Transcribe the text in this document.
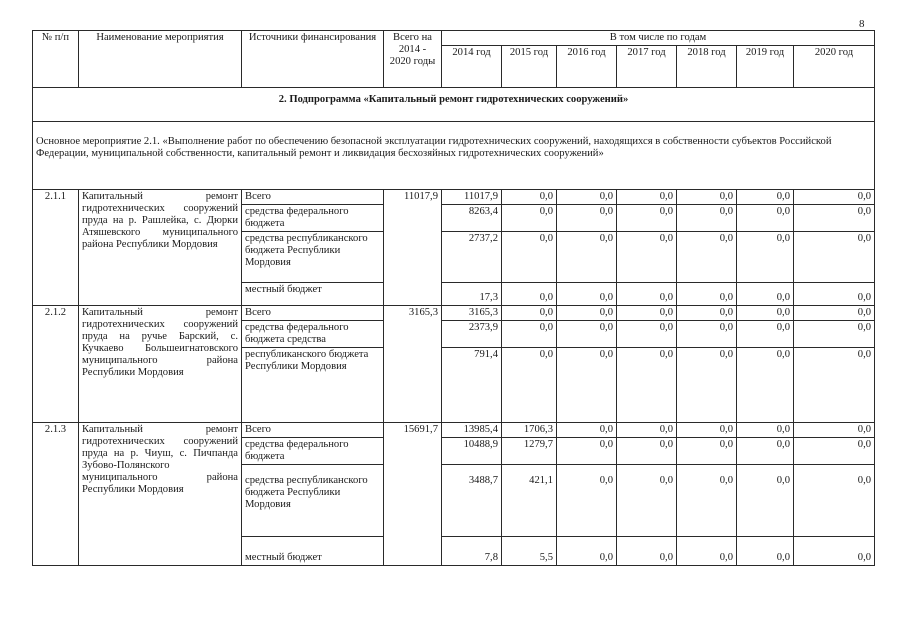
8
№ п/п	Наименование мероприятия	Источники финансирования	Всего на 2014 - 2020 годы	В том числе по годам						
				2014 год	2015 год	2016 год	2017 год	2018 год	2019 год	2020 год
2. Подпрограмма «Капитальный ремонт гидротехнических сооружений»										
Основное мероприятие 2.1. «Выполнение работ по обеспечению безопасной эксплуатации гидротехнических сооружений, находящихся в собственности субъектов Российской Федерации, муниципальной собственности, капитальный ремонт и ликвидация бесхозяйных гидротехнических сооружений»										
2.1.1	Капитальный ремонт гидротехнических сооружений пруда на р. Рашлейка, с. Дюрки Атяшевского муниципального района Республики Мордовия	Всего	11017,9	11017,9	0,0	0,0	0,0	0,0	0,0	0,0
		средства федерального бюджета		8263,4	0,0	0,0	0,0	0,0	0,0	0,0
		средства республиканского бюджета Республики Мордовия		2737,2	0,0	0,0	0,0	0,0	0,0	0,0
		местный бюджет		17,3	0,0	0,0	0,0	0,0	0,0	0,0
2.1.2	Капитальный ремонт гидротехнических сооружений пруда на ручье Барский, с. Кучкаево Большеигнатовского муниципального района Республики Мордовия	Всего	3165,3	3165,3	0,0	0,0	0,0	0,0	0,0	0,0
		средства федерального бюджета средства		2373,9	0,0	0,0	0,0	0,0	0,0	0,0
		республиканского бюджета Республики Мордовия		791,4	0,0	0,0	0,0	0,0	0,0	0,0
2.1.3	Капитальный ремонт гидротехнических сооружений пруда на р. Чиуш, с. Пичпанда Зубово-Полянского муниципального района Республики Мордовия	Всего	15691,7	13985,4	1706,3	0,0	0,0	0,0	0,0	0,0
		средства федерального бюджета		10488,9	1279,7	0,0	0,0	0,0	0,0	0,0
		средства республиканского бюджета Республики Мордовия		3488,7	421,1	0,0	0,0	0,0	0,0	0,0
		местный бюджет		7,8	5,5	0,0	0,0	0,0	0,0	0,0
